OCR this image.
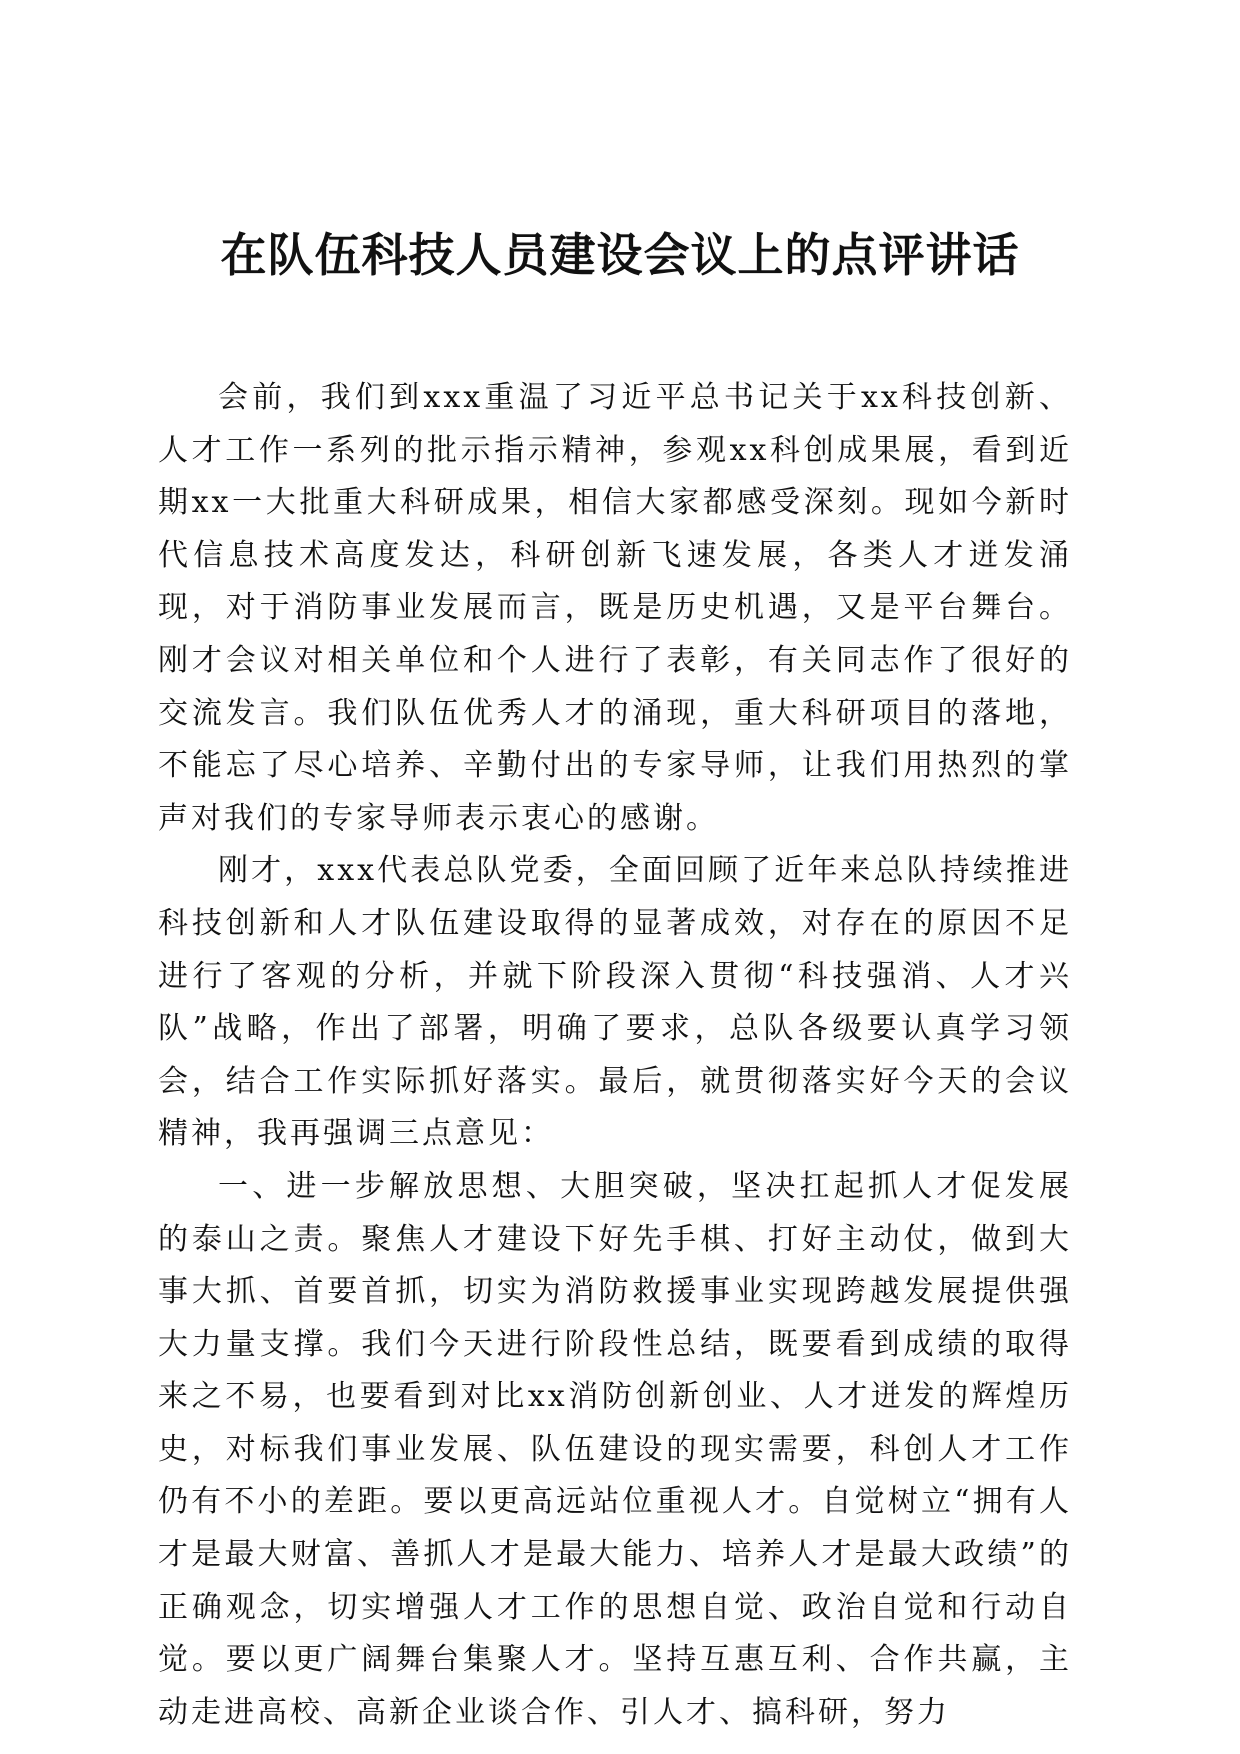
在队伍科技人员建设会议上的点评讲话

会前，我们到xxx重温了习近平总书记关于xx科技创新、人才工作一系列的批示指示精神，参观xx科创成果展，看到近期xx一大批重大科研成果，相信大家都感受深刻。现如今新时代信息技术高度发达，科研创新飞速发展，各类人才迸发涌现，对于消防事业发展而言，既是历史机遇，又是平台舞台。刚才会议对相关单位和个人进行了表彰，有关同志作了很好的交流发言。我们队伍优秀人才的涌现，重大科研项目的落地，不能忘了尽心培养、辛勤付出的专家导师，让我们用热烈的掌声对我们的专家导师表示衷心的感谢。

刚才，xxx代表总队党委，全面回顾了近年来总队持续推进科技创新和人才队伍建设取得的显著成效，对存在的原因不足进行了客观的分析，并就下阶段深入贯彻“科技强消、人才兴队”战略，作出了部署，明确了要求，总队各级要认真学习领会，结合工作实际抓好落实。最后，就贯彻落实好今天的会议精神，我再强调三点意见：

一、进一步解放思想、大胆突破，坚决扛起抓人才促发展的泰山之责。聚焦人才建设下好先手棋、打好主动仗，做到大事大抓、首要首抓，切实为消防救援事业实现跨越发展提供强大力量支撑。我们今天进行阶段性总结，既要看到成绩的取得来之不易，也要看到对比xx消防创新创业、人才迸发的辉煌历史，对标我们事业发展、队伍建设的现实需要，科创人才工作仍有不小的差距。要以更高远站位重视人才。自觉树立“拥有人才是最大财富、善抓人才是最大能力、培养人才是最大政绩”的正确观念，切实增强人才工作的思想自觉、政治自觉和行动自觉。要以更广阔舞台集聚人才。坚持互惠互利、合作共赢，主动走进高校、高新企业谈合作、引人才、搞科研，努力
